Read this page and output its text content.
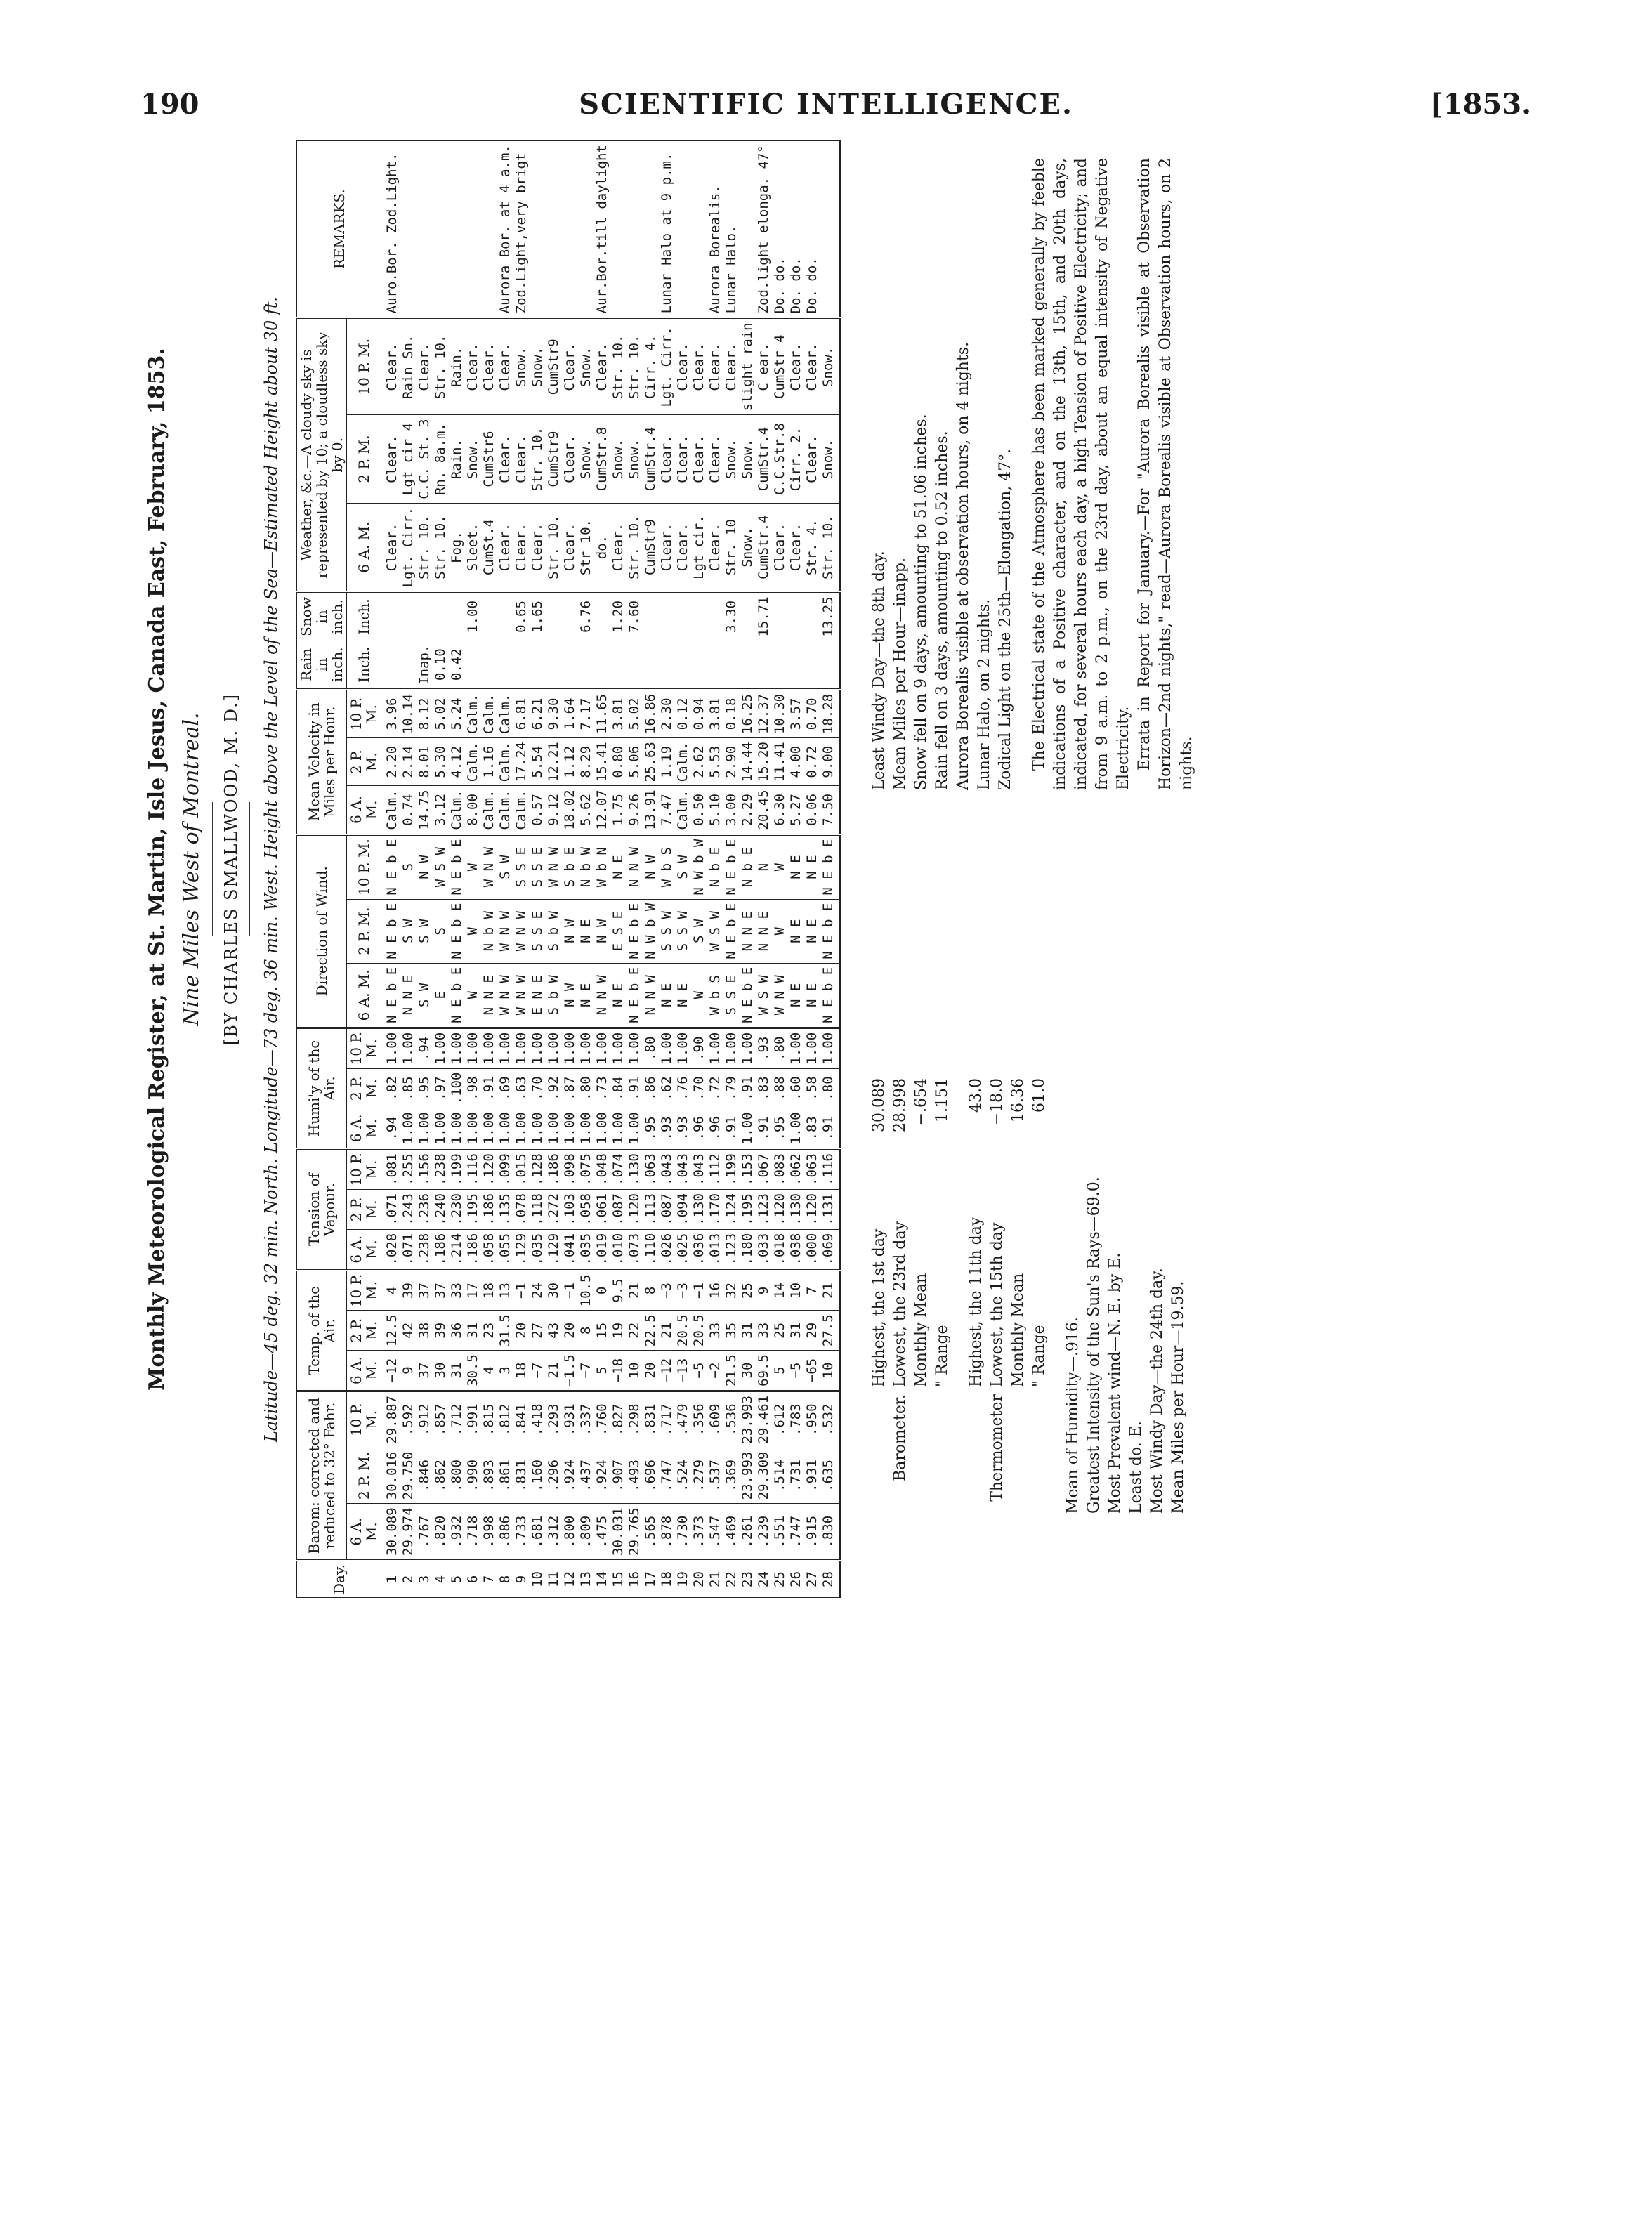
190	SCIENTIFIC INTELLIGENCE.	[1853.
Monthly Meteorological Register, at St. Martin, Isle Jesus, Canada East, February, 1853. Nine Miles West of Montreal. [BY CHARLES SMALLWOOD, M. D.] Latitude—45 deg. 32 min. North. Longitude—73 deg. 36 min. West. Height above the Level of the Sea—Estimated Height about 30 ft.
Day.	Barom: corrected and reduced to 32° Fahr.			Temp. of the Air.			Tension of Vapour.			Humi'y of the Air.			Direction of Wind.			Mean Velocity in Miles per Hour.			Rain in inch.	Snow in inch.	Weather, &c.—A cloudy sky is represented by 10; a cloudless sky by 0.			REMARKS.
	6 A. M.	2 P. M.	10 P. M.	6 A. M.	2 P. M.	10 P. M.	6 A. M.	2 P. M.	10 P. M.	6 A. M.	2 P. M.	10 P. M.	6 A. M.	2 P. M.	10 P. M.	6 A. M.	2 P. M.	10 P. M.	Inch.	Inch.	6 A. M.	2 P. M.	10 P. M.	
1	30.089	30.016	29.887	−12	12.5	4	.028	.071	.081	.94	.82	1.00	N E b E	N E b E	N E b E	Calm.	2.20	3.96			Clear.	Clear.	Clear.	Auro.Bor. Zod.Light.
2	29.974	29.750	.592	9	42	39	.071	.243	.255	1.00	.85	1.00	N N E	S W	S	0.74	2.14	10.14			Lgt. Cirr.	Lgt cir 4	Rain Sn.	
3	.767	.846	.912	37	38	37	.238	.236	.156	1.00	.95	.94	S W	S W	N W	14.75	8.01	8.12	Inap.		Str. 10.	C.C. St. 3	Clear.	
4	.820	.862	.857	30	39	37	.186	.240	.238	1.00	.97	1.00	E	S	W S W	3.12	5.30	5.02	0.10		Str. 10.	Rn. 8a.m.	Str. 10.	
5	.932	.800	.712	31	36	33	.214	.230	.199	1.00	.100	1.00	N E b E	N E b E	N E b E	Calm.	4.12	5.24	0.42		Fog.	Rain.	Rain.	
6	.718	.990	.991	30.5	31	17	.186	.195	.116	1.00	.98	1.00	W	W	W	8.00	Calm.	Calm.		1.00	Sleet.	Snow.	Clear.	
7	.998	.893	.815	4	23	18	.058	.186	.120	1.00	.91	1.00	N N E	N b W	W N W	Calm.	1.16	Calm.			CumSt.4	CumStr6	Clear.	
8	.886	.861	.812	3	31.5	13	.055	.135	.099	1.00	.69	1.00	W N W	W N W	S W	Calm.	Calm.	Calm.			Clear.	Clear.	Clear.	Aurora Bor. at 4 a.m.
9	.733	.831	.841	18	20	−1	.129	.078	.015	1.00	.63	1.00	W N W	W N W	S S E	Calm.	17.24	6.81		0.65	Clear.	Clear.	Snow.	Zod.Light,very brigt
10	.681	.160	.418	−7	27	24	.035	.118	.128	1.00	.70	1.00	E N E	S S E	S S E	0.57	5.54	6.21		1.65	Clear.	Str. 10.	Snow.	
11	.312	.296	.293	21	43	30	.129	.272	.186	1.00	.92	1.00	S b W	S b W	W N W	9.12	12.21	9.30			Str. 10.	CumStr9	CumStr9	
12	.800	.924	.931	−1.5	20	−1	.041	.103	.098	1.00	.87	1.00	N W	N W	S b E	18.02	1.12	1.64			Clear.	Clear.	Clear.	
13	.809	.437	.337	−7	8	10.5	.035	.058	.075	1.00	.80	1.00	N E	N E	N b W	5.62	8.29	7.17		6.76	Str 10.	Snow.	Snow.	
14	.475	.924	.760	5	15	0	.019	.061	.048	1.00	.73	1.00	N N W	N W	W b N	12.07	15.41	11.65			do.	CumStr.8	Clear.	Aur.Bor.till daylight
15	30.031	.907	.827	−18	19	9.5	.010	.087	.074	1.00	.84	1.00	N E	E S E	N E	1.75	0.80	3.81		1.20	Clear.	Snow.	Str. 10.	
16	29.765	.493	.298	10	22	21	.073	.120	.130	1.00	.91	1.00	N E b E	N E b E	N N W	9.26	5.06	5.02		7.60	Str. 10.	Snow.	Str. 10.	
17	.565	.696	.831	20	22.5	8	.110	.113	.063	.95	.86	.80	N N W	N W b W	N W	13.91	25.63	16.86			CumStr9	CumStr.4	Cirr. 4.	
18	.878	.747	.717	−12	21	−3	.026	.087	.043	.93	.62	1.00	N E	S S W	W b S	7.47	1.19	2.30			Clear.	Clear.	Lgt. Cirr.	Lunar Halo at 9 p.m.
19	.730	.524	.479	−13	20.5	−3	.025	.094	.043	.93	.76	1.00	N E	S S W	S W	Calm.	Calm.	0.12			Clear.	Clear.	Clear.	
20	.373	.279	.356	−5	20.5	−1	.036	.130	.043	.96	.70	.90	W	S W	N W b W	0.50	2.62	0.94			Lgt cir.	Clear.	Clear.	
21	.547	.537	.609	−2	33	16	.013	.170	.112	.96	.72	1.00	W b S	W S W	N b E	5.10	5.53	3.81			Clear.	Clear.	Clear.	Aurora Borealis.
22	.469	.369	.536	21.5	35	32	.123	.124	.199	.91	.79	1.00	S S E	N E b E	N E b E	3.00	2.90	0.18		3.30	Str. 10	Snow.	Clear.	Lunar Halo.
23	.261	23.993	23.993	30	31	25	.180	.195	.153	1.00	.91	1.00	N E b E	N N E	N b E	2.29	14.44	16.25			Snow.	Snow.	slight rain	
24	.239	29.309	29.461	69.5	33	9	.033	.123	.067	.91	.83	.93	W S W	N N E	N	20.45	15.20	12.37		15.71	CumStr.4	CumStr.4	C ear.	Zod.light elonga. 47°
25	.551	.514	.612	5	25	14	.018	.120	.083	.95	.88	.80	W N W	W	W	6.30	11.41	10.30			Clear.	C.C.Str.8	CumStr 4	Do. do.
26	.747	.731	.783	−5	31	10	.038	.130	.062	1.00	.60	1.00	N E	N E	N E	5.27	4.00	3.57			Clear.	Cirr. 2.	Clear.	Do. do.
27	.915	.931	.950	−65	29	7	.000	.120	.063	.83	.58	1.00	N E	N E	N E	0.06	0.72	0.70			Str. 4.	Clear.	Clear.	Do. do.
28	.830	.635	.532	10	27.5	21	.069	.131	.116	.91	.80	1.00	N E b E	N E b E	N E b E	7.50	9.00	18.28		13.25	Str. 10.	Snow.	Snow.	
Highest, the 1st day
30.089
Barometer.
Lowest, the 23rd day
28.998
Monthly Mean
−.654
" Range
1.151
Highest, the 11th day
43.0
Thermometer
Lowest, the 15th day
−18.0
Monthly Mean
16.36
" Range
61.0
Mean of Humidity—.916. Greatest Intensity of the Sun's Rays—69.0. Most Prevalent wind—N. E. by E. Least do. E. Most Windy Day—the 24th day. Mean Miles per Hour—19.59.
Least Windy Day—the 8th day. Mean Miles per Hour—inapp. Snow fell on 9 days, amounting to 51.06 inches. Rain fell on 3 days, amounting to 0.52 inches. Aurora Borealis visible at observation hours, on 4 nights. Lunar Halo, on 2 nights. Zodical Light on the 25th—Elongation, 47°. The Electrical state of the Atmosphere has been marked generally by feeble indications of a Positive character, and on the 13th, 15th, and 20th days, indicated, for several hours each day, a high Tension of Positive Electricity; and from 9 a.m. to 2 p.m., on the 23rd day, about an equal intensity of Negative Electricity. Errata in Report for January.—For "Aurora Borealis visible at Observation Horizon—2nd nights," read—Aurora Borealis visible at Observation hours, on 2 nights.
